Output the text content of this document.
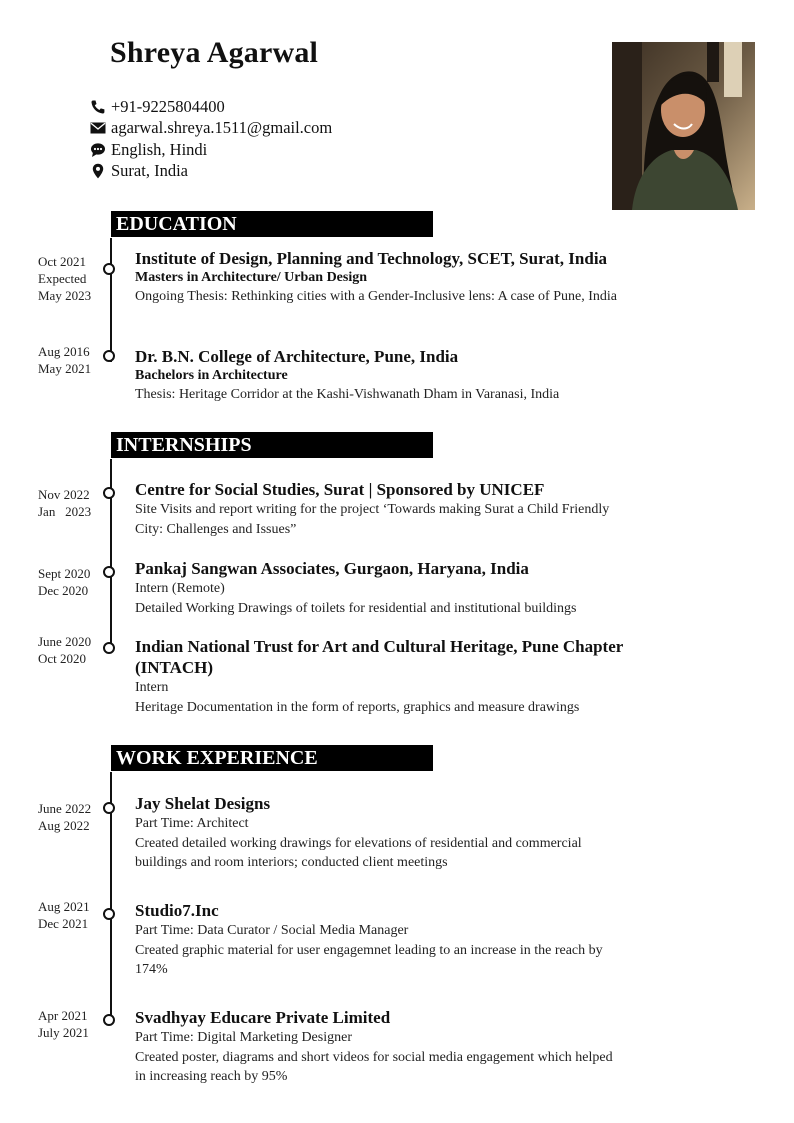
Shreya Agarwal
+91-9225804400
agarwal.shreya.1511@gmail.com
English, Hindi
Surat, India
EDUCATION
Oct 2021
Expected
May 2023
Institute of Design, Planning and Technology, SCET, Surat, India
Masters in Architecture/ Urban Design
Ongoing Thesis: Rethinking cities with a Gender-Inclusive lens: A case of Pune, India
Aug 2016
May 2021
Dr. B.N. College of Architecture, Pune, India
Bachelors in Architecture
Thesis: Heritage Corridor at the Kashi-Vishwanath Dham in Varanasi, India
INTERNSHIPS
Nov 2022
Jan   2023
Centre for Social Studies, Surat | Sponsored by UNICEF
Site Visits and report writing for the project ‘Towards making Surat a Child Friendly
City: Challenges and Issues”
Sept 2020
Dec 2020
Pankaj Sangwan Associates, Gurgaon, Haryana, India
Intern (Remote)
Detailed Working Drawings of toilets for residential and institutional buildings
June 2020
Oct 2020
Indian National Trust for Art and Cultural Heritage, Pune Chapter
(INTACH)
Intern
Heritage Documentation in the form of reports, graphics and measure drawings
WORK EXPERIENCE
June 2022
Aug 2022
Jay Shelat Designs
Part Time: Architect
Created detailed working drawings for elevations of residential and commercial
buildings and room interiors; conducted client meetings
Aug 2021
Dec 2021
Studio7.Inc
Part Time: Data Curator / Social Media Manager
Created graphic material for user engagemnet leading to an increase in the reach by
174%
Apr 2021
July 2021
Svadhyay Educare Private Limited
Part Time: Digital Marketing Designer
Created poster, diagrams and short videos for social media engagement which helped
in increasing reach by 95%
